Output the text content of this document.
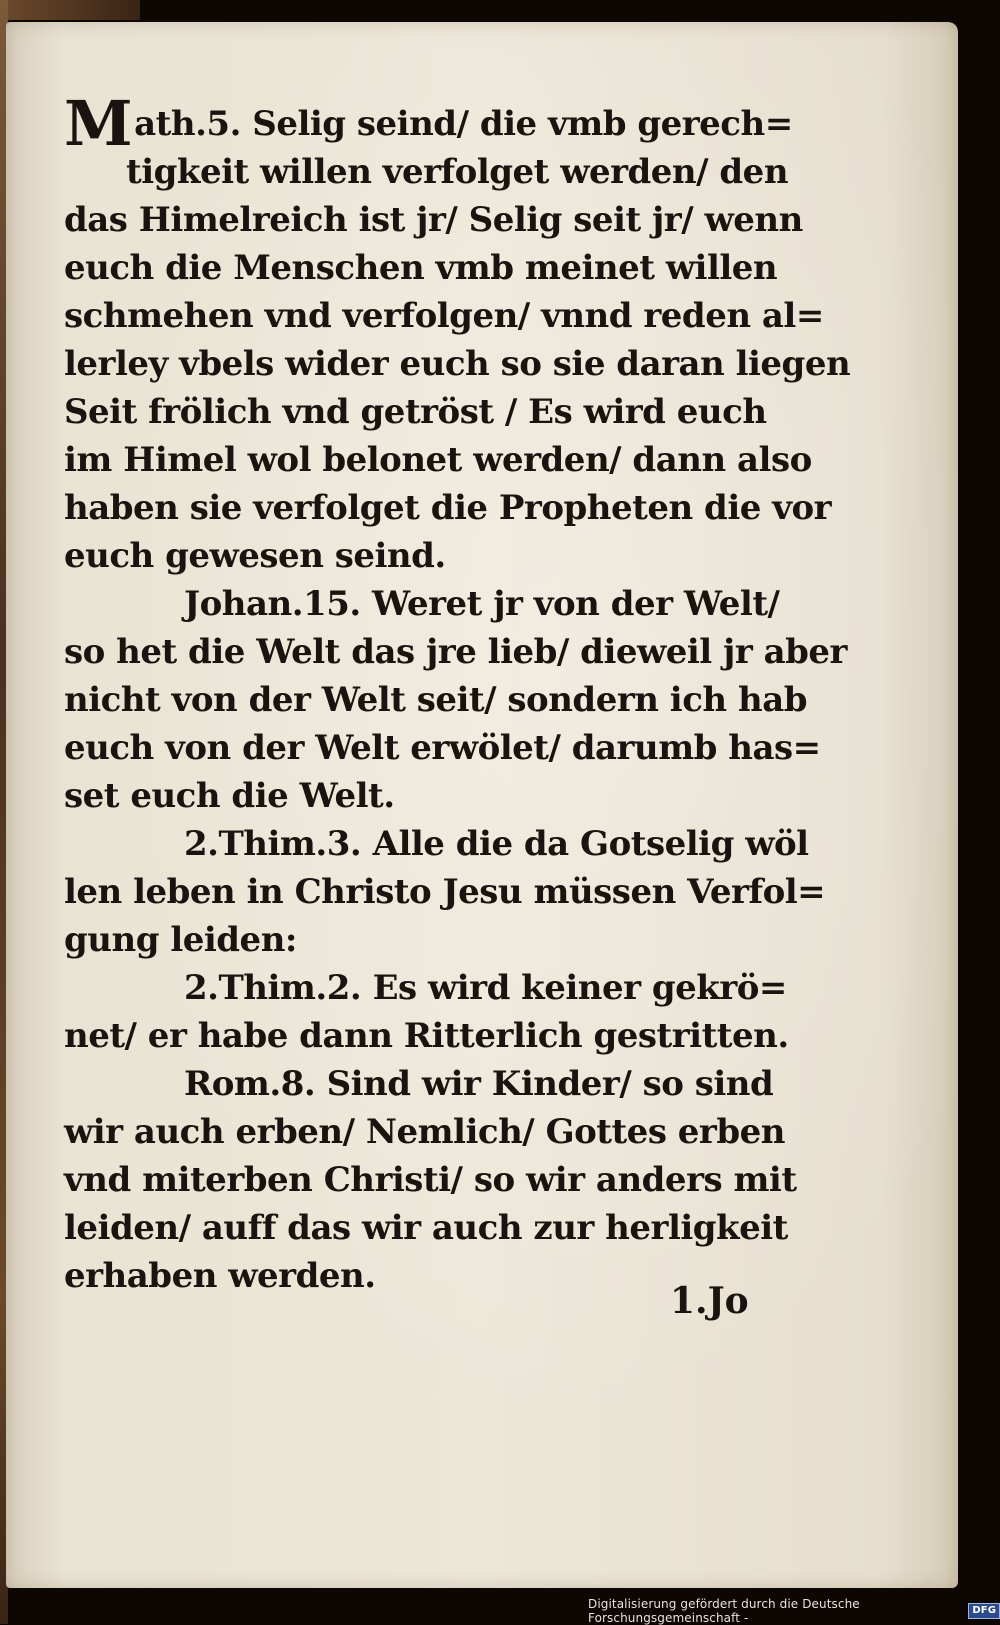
Math.5. Selig seind/ die vmb gerech=
tigkeit willen verfolget werden/ den
das Himelreich ist jr/ Selig seit jr/ wenn
euch die Menschen vmb meinet willen
schmehen vnd verfolgen/ vnnd reden al=
lerley vbels wider euch so sie daran liegen
Seit frölich vnd getröst / Es wird euch
im Himel wol belonet werden/ dann also
haben sie verfolget die Propheten die vor
euch gewesen seind.
Johan.15. Weret jr von der Welt/
so het die Welt das jre lieb/ dieweil jr aber
nicht von der Welt seit/ sondern ich hab
euch von der Welt erwölet/ darumb has=
set euch die Welt.
2.Thim.3. Alle die da Gotselig wöl
len leben in Christo Jesu müssen Verfol=
gung leiden:
2.Thim.2. Es wird keiner gekrö=
net/ er habe dann Ritterlich gestritten.
Rom.8. Sind wir Kinder/ so sind
wir auch erben/ Nemlich/ Gottes erben
vnd miterben Christi/ so wir anders mit
leiden/ auff das wir auch zur herligkeit
erhaben werden.
1.Jo
Digitalisierung gefördert durch die Deutsche Forschungsgemeinschaft -
DFG
